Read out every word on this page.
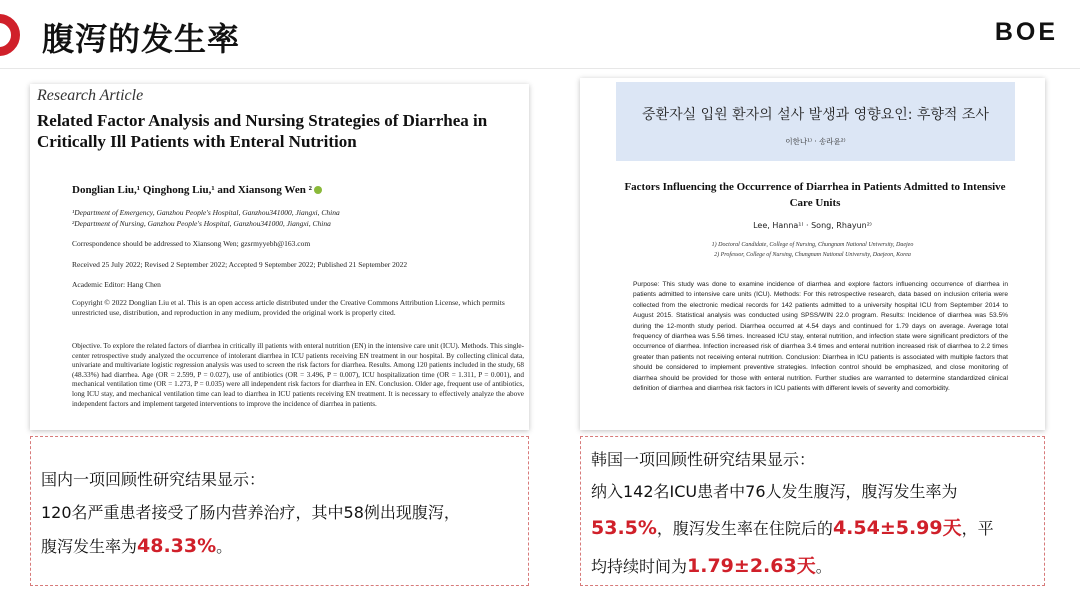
腹泻的发生率	BOE
Research Article
Related Factor Analysis and Nursing Strategies of Diarrhea in Critically Ill Patients with Enteral Nutrition
Donglian Liu,¹ Qinghong Liu,¹ and Xiansong Wen ²
¹Department of Emergency, Ganzhou People's Hospital, Ganzhou341000, Jiangxi, China
²Department of Nursing, Ganzhou People's Hospital, Ganzhou341000, Jiangxi, China
Correspondence should be addressed to Xiansong Wen; gzsrmyyebh@163.com
Received 25 July 2022; Revised 2 September 2022; Accepted 9 September 2022; Published 21 September 2022
Academic Editor: Hang Chen
Copyright © 2022 Donglian Liu et al. This is an open access article distributed under the Creative Commons Attribution License, which permits unrestricted use, distribution, and reproduction in any medium, provided the original work is properly cited.
Objective. To explore the related factors of diarrhea in critically ill patients with enteral nutrition (EN) in the intensive care unit (ICU). Methods. This single-center retrospective study analyzed the occurrence of intolerant diarrhea in ICU patients receiving EN treatment in our hospital. By collecting clinical data, univariate and multivariate logistic regression analysis was used to screen the risk factors for diarrhea. Results. Among 120 patients included in the study, 68 (48.33%) had diarrhea. Age (OR = 2.599, P = 0.027), use of antibiotics (OR = 3.496, P = 0.007), ICU hospitalization time (OR = 1.311, P = 0.001), and mechanical ventilation time (OR = 1.273, P = 0.035) were all independent risk factors for diarrhea in EN. Conclusion. Older age, frequent use of antibiotics, long ICU stay, and mechanical ventilation time can lead to diarrhea in ICU patients receiving EN treatment. It is necessary to effectively analyze the above independent factors and implement targeted interventions to improve the incidence of diarrhea in patients.
중환자실 입원 환자의 설사 발생과 영향요인: 후향적 조사
이한나¹⁾ · 송라윤²⁾
Factors Influencing the Occurrence of Diarrhea in Patients Admitted to Intensive Care Units
Lee, Hanna¹⁾ · Song, Rhayun²⁾
1) Doctoral Candidate, College of Nursing, Chungnam National University, Daejeo
2) Professor, College of Nursing, Chungnam National University, Daejeon, Korea
Purpose: This study was done to examine incidence of diarrhea and explore factors influencing occurrence of diarrhea in patients admitted to intensive care units (ICU). Methods: For this retrospective research, data based on inclusion criteria were collected from the electronic medical records for 142 patients admitted to a university hospital ICU from September 2014 to August 2015. Statistical analysis was conducted using SPSS/WIN 22.0 program. Results: Incidence of diarrhea was 53.5% during the 12-month study period. Diarrhea occurred at 4.54 days and continued for 1.79 days on average. Average total frequency of diarrhea was 5.56 times. Increased ICU stay, enteral nutrition, and infection state were significant predictors of the occurrence of diarrhea. Infection increased risk of diarrhea 3.4 times and enteral nutrition increased risk of diarrhea to 2.2 times greater than patients not receiving enteral nutrition. Conclusion: Diarrhea in ICU patients is associated with multiple factors that should be considered to implement preventive strategies. Infection control should be emphasized, and close monitoring of diarrhea should be provided for those with enteral nutrition. Further studies are warranted to determine standardized clinical definition of diarrhea and diarrhea risk factors in ICU patients with different levels of severity and comorbidity.
国内一项回顾性研究结果显示：
120名严重患者接受了肠内营养治疗，其中58例出现腹泻，
腹泻发生率为48.33%。
韩国一项回顾性研究结果显示：
纳入142名ICU患者中76人发生腹泻，腹泻发生率为
53.5%，腹泻发生率在住院后的4.54±5.99天，平
均持续时间为1.79±2.63天。
